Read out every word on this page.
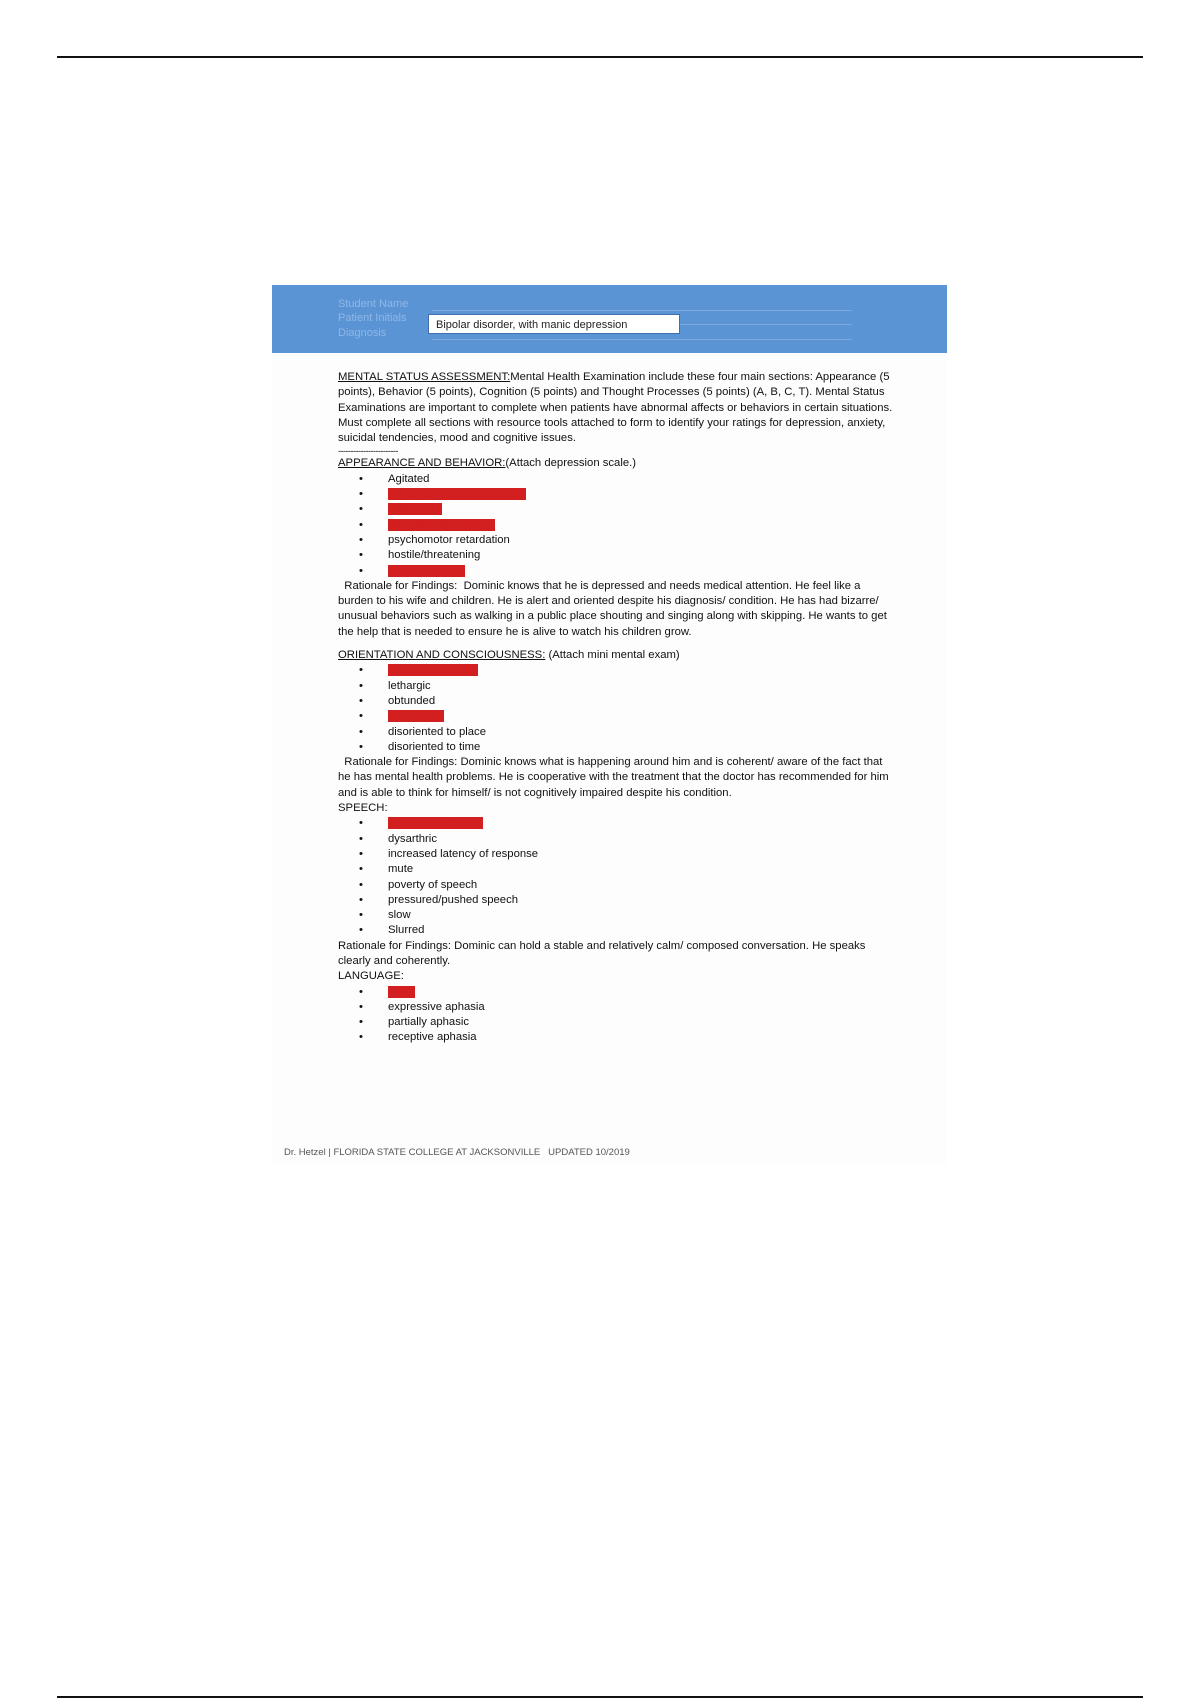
Student Name
Patient Initials
Diagnosis
Bipolar disorder, with manic depression

MENTAL STATUS ASSESSMENT:Mental Health Examination include these four main sections: Appearance (5 points), Behavior (5 points), Cognition (5 points) and Thought Processes (5 points) (A, B, C, T). Mental Status Examinations are important to complete when patients have abnormal affects or behaviors in certain situations. Must complete all sections with resource tools attached to form to identify your ratings for depression, anxiety, suicidal tendencies, mood and cognitive issues.

------------------------

APPEARANCE AND BEHAVIOR:(Attach depression scale.)

• Agitated
• cooperative and responsive
• disheveled
• grooming appropriate
• psychomotor retardation
• hostile/threatening
• unusual/bizarre

Rationale for Findings:  Dominic knows that he is depressed and needs medical attention. He feel like a burden to his wife and children. He is alert and oriented despite his diagnosis/ condition. He has had bizarre/ unusual behaviors such as walking in a public place shouting and singing along with skipping. He wants to get the help that is needed to ensure he is alive to watch his children grow.

ORIENTATION AND CONSCIOUSNESS: (Attach mini mental exam)

• alert and attentive
• lethargic
• obtunded
• oriented x3
• disoriented to place
• disoriented to time

Rationale for Findings: Dominic knows what is happening around him and is coherent/ aware of the fact that he has mental health problems. He is cooperative with the treatment that the doctor has recommended for him and is able to think for himself/ is not cognitively impaired despite his condition.

SPEECH:

• normal rate/rhythm
• dysarthric
• increased latency of response
• mute
• poverty of speech
• pressured/pushed speech
• slow
• Slurred

Rationale for Findings: Dominic can hold a stable and relatively calm/ composed conversation. He speaks clearly and coherently.

LANGUAGE:

• intact
• expressive aphasia
• partially aphasic
• receptive aphasia
Dr. Hetzel | FLORIDA STATE COLLEGE AT JACKSONVILLE   UPDATED 10/2019
